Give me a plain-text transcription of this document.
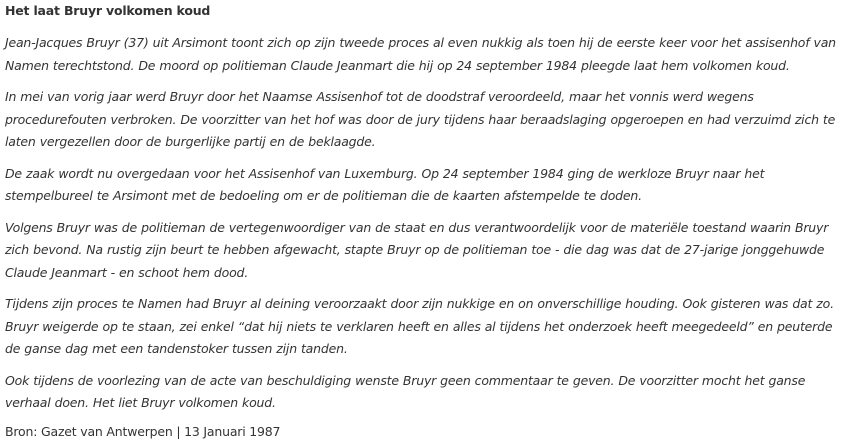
Het laat Bruyr volkomen koud

Jean-Jacques Bruyr (37) uit Arsimont toont zich op zijn tweede proces al even nukkig als toen hij de eerste keer voor het assisenhof van Namen terechtstond. De moord op politieman Claude Jeanmart die hij op 24 september 1984 pleegde laat hem volkomen koud.

In mei van vorig jaar werd Bruyr door het Naamse Assisenhof tot de doodstraf veroordeeld, maar het vonnis werd wegens procedurefouten verbroken. De voorzitter van het hof was door de jury tijdens haar beraadslaging opgeroepen en had verzuimd zich te laten vergezellen door de burgerlijke partij en de beklaagde.

De zaak wordt nu overgedaan voor het Assisenhof van Luxemburg. Op 24 september 1984 ging de werkloze Bruyr naar het stempelbureel te Arsimont met de bedoeling om er de politieman die de kaarten afstempelde te doden.

Volgens Bruyr was de politieman de vertegenwoordiger van de staat en dus verantwoordelijk voor de materiële toestand waarin Bruyr zich bevond. Na rustig zijn beurt te hebben afgewacht, stapte Bruyr op de politieman toe - die dag was dat de 27-jarige jonggehuwde Claude Jeanmart - en schoot hem dood.

Tijdens zijn proces te Namen had Bruyr al deining veroorzaakt door zijn nukkige en on onverschillige houding. Ook gisteren was dat zo. Bruyr weigerde op te staan, zei enkel “dat hij niets te verklaren heeft en alles al tijdens het onderzoek heeft meegedeeld” en peuterde de ganse dag met een tandenstoker tussen zijn tanden.

Ook tijdens de voorlezing van de acte van beschuldiging wenste Bruyr geen commentaar te geven. De voorzitter mocht het ganse verhaal doen. Het liet Bruyr volkomen koud.

Bron: Gazet van Antwerpen | 13 Januari 1987
